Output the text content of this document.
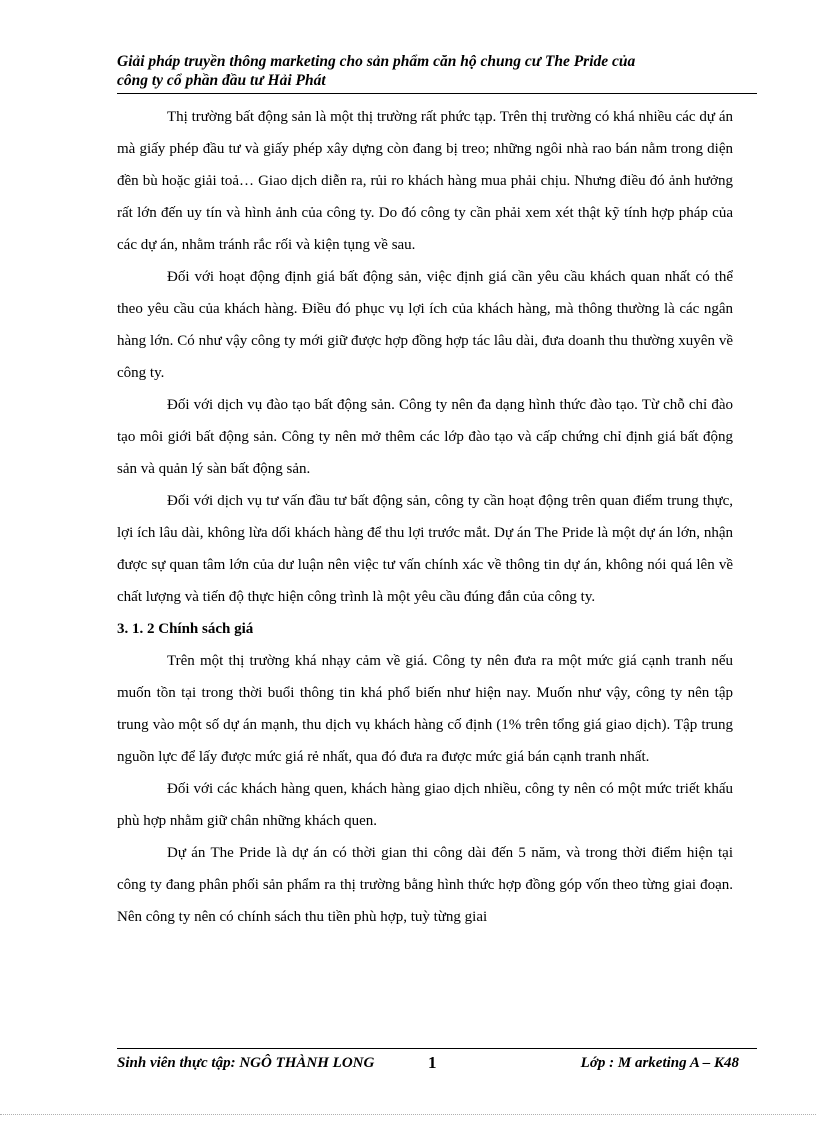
Giải pháp truyền thông marketing cho sản phẩm căn hộ chung cư The Pride của
công ty cổ phần đầu tư Hải Phát

Thị trường bất động sản là một thị trường rất phức tạp. Trên thị trường có khá nhiều các dự án mà giấy phép đầu tư và giấy phép xây dựng còn đang bị treo; những ngôi nhà rao bán nằm trong diện đền bù hoặc giải toả… Giao dịch diễn ra, rủi ro khách hàng mua phải chịu. Nhưng điều đó ảnh hưởng rất lớn đến uy tín và hình ảnh của công ty. Do đó công ty cần phải xem xét thật kỹ tính hợp pháp của các dự án, nhằm tránh rắc rối và kiện tụng về sau.

Đối với hoạt động định giá bất động sản, việc định giá cần yêu cầu khách quan nhất có thể theo yêu cầu của khách hàng. Điều đó phục vụ lợi ích của khách hàng, mà thông thường là các ngân hàng lớn. Có như vậy công ty mới giữ được hợp đồng hợp tác lâu dài, đưa doanh thu thường xuyên về công ty.

Đối với dịch vụ đào tạo bất động sản. Công ty nên đa dạng hình thức đào tạo. Từ chỗ chỉ đào tạo môi giới bất động sản. Công ty nên mở thêm các lớp đào tạo và cấp chứng chỉ định giá bất động sản và quản lý sàn bất động sản.

Đối với dịch vụ tư vấn đầu tư bất động sản, công ty cần hoạt động trên quan điểm trung thực, lợi ích lâu dài, không lừa dối khách hàng để thu lợi trước mắt. Dự án The Pride là một dự án lớn, nhận được sự quan tâm lớn của dư luận nên việc tư vấn chính xác về thông tin dự án, không nói quá lên về chất lượng và tiến độ thực hiện công trình là một yêu cầu đúng đắn của công ty.

3. 1. 2 Chính sách giá

Trên một thị trường khá nhạy cảm về giá. Công ty nên đưa ra một mức giá cạnh tranh nếu muốn tồn tại trong thời buổi thông tin khá phổ biến như hiện nay. Muốn như vậy, công ty nên tập trung vào một số dự án mạnh, thu dịch vụ khách hàng cố định (1% trên tổng giá giao dịch). Tập trung nguồn lực để lấy được mức giá rẻ nhất, qua đó đưa ra được mức giá bán cạnh tranh nhất.

Đối với các khách hàng quen, khách hàng giao dịch nhiều, công ty nên có một mức triết khấu phù hợp nhằm giữ chân những khách quen.

Dự án The Pride là dự án có thời gian thi công dài đến 5 năm, và trong thời điểm hiện tại công ty đang phân phối sản phẩm ra thị trường bằng hình thức hợp đồng góp vốn theo từng giai đoạn. Nên công ty nên có chính sách thu tiền phù hợp, tuỳ từng giai

Sinh viên thực tập: NGÔ THÀNH LONG	1	Lớp : M arketing A – K48
